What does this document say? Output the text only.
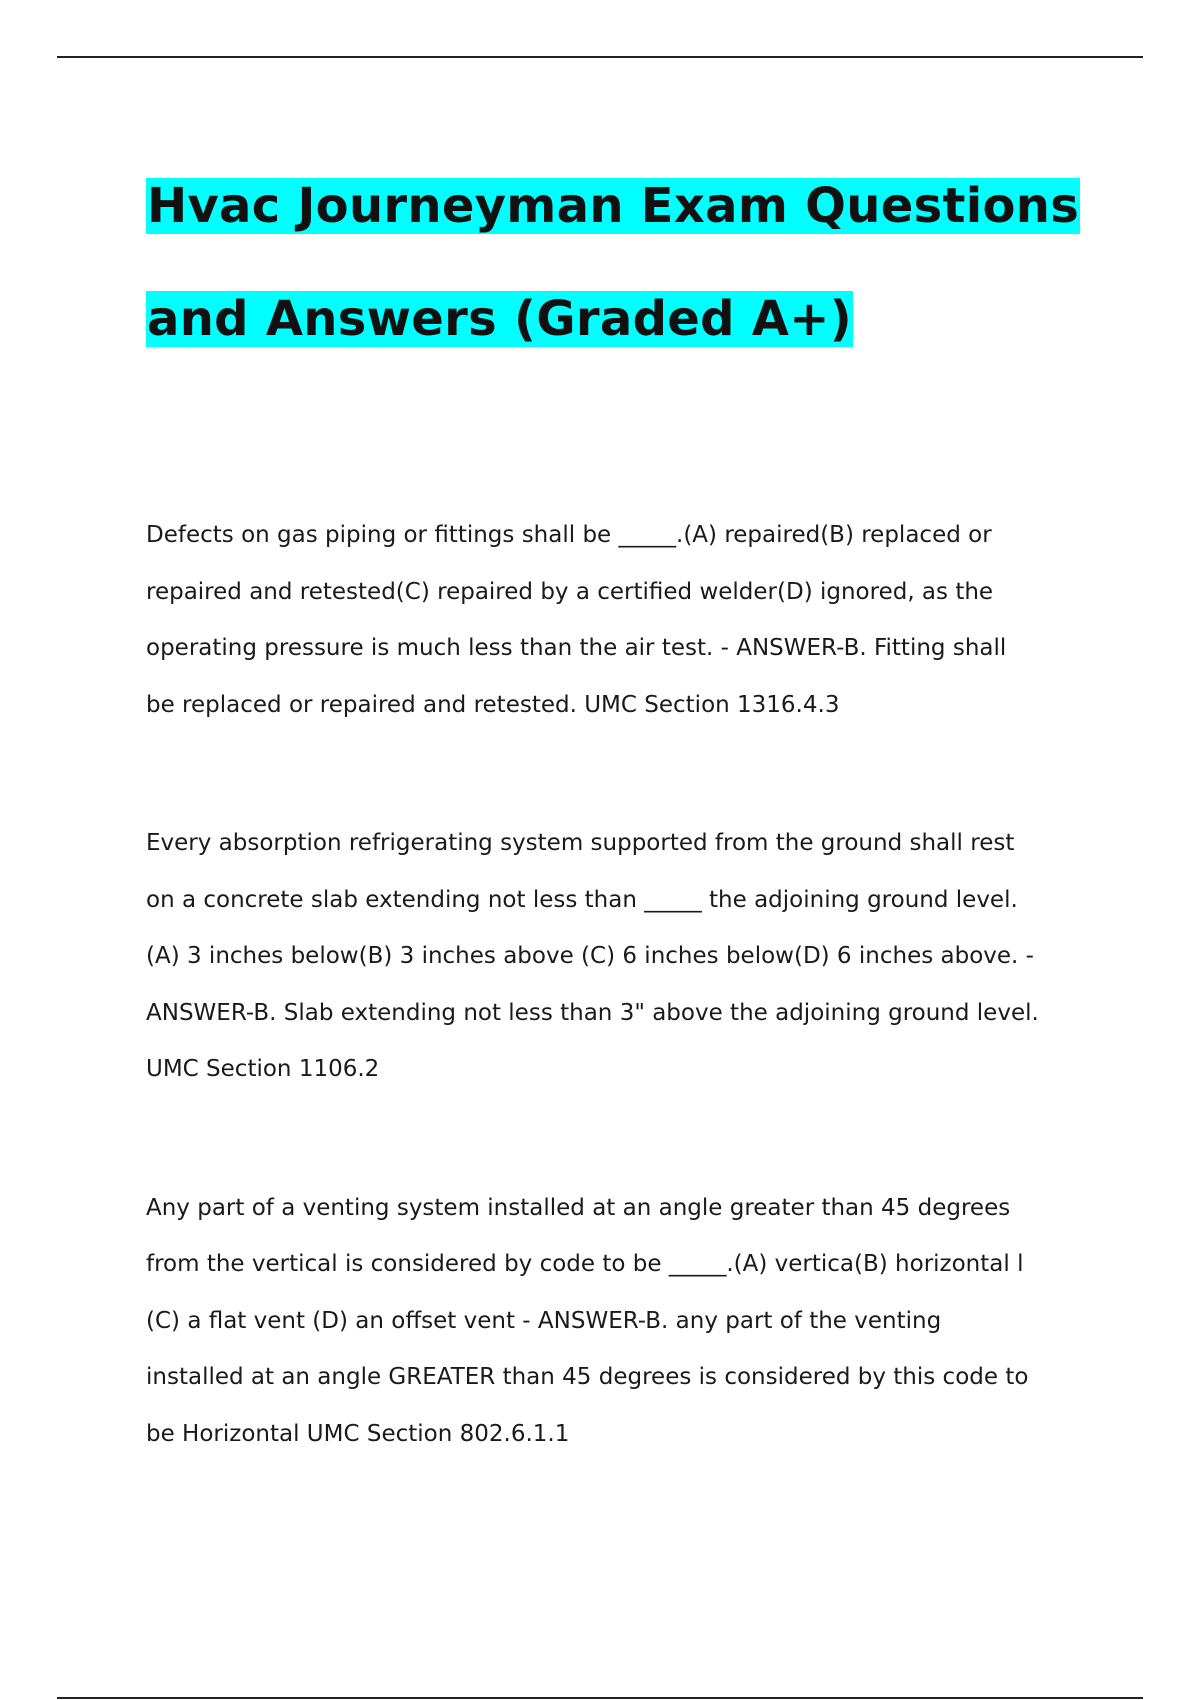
Hvac Journeyman Exam Questions
and Answers (Graded A+)

Defects on gas piping or fittings shall be _____.(A) repaired(B) replaced or
repaired and retested(C) repaired by a certified welder(D) ignored, as the
operating pressure is much less than the air test. - ANSWER-B. Fitting shall
be replaced or repaired and retested. UMC Section 1316.4.3

Every absorption refrigerating system supported from the ground shall rest
on a concrete slab extending not less than _____ the adjoining ground level.
(A) 3 inches below(B) 3 inches above (C) 6 inches below(D) 6 inches above. -
ANSWER-B. Slab extending not less than 3" above the adjoining ground level.
UMC Section 1106.2

Any part of a venting system installed at an angle greater than 45 degrees
from the vertical is considered by code to be _____.(A) vertica(B) horizontal l
(C) a flat vent (D) an offset vent - ANSWER-B. any part of the venting
installed at an angle GREATER than 45 degrees is considered by this code to
be Horizontal UMC Section 802.6.1.1
